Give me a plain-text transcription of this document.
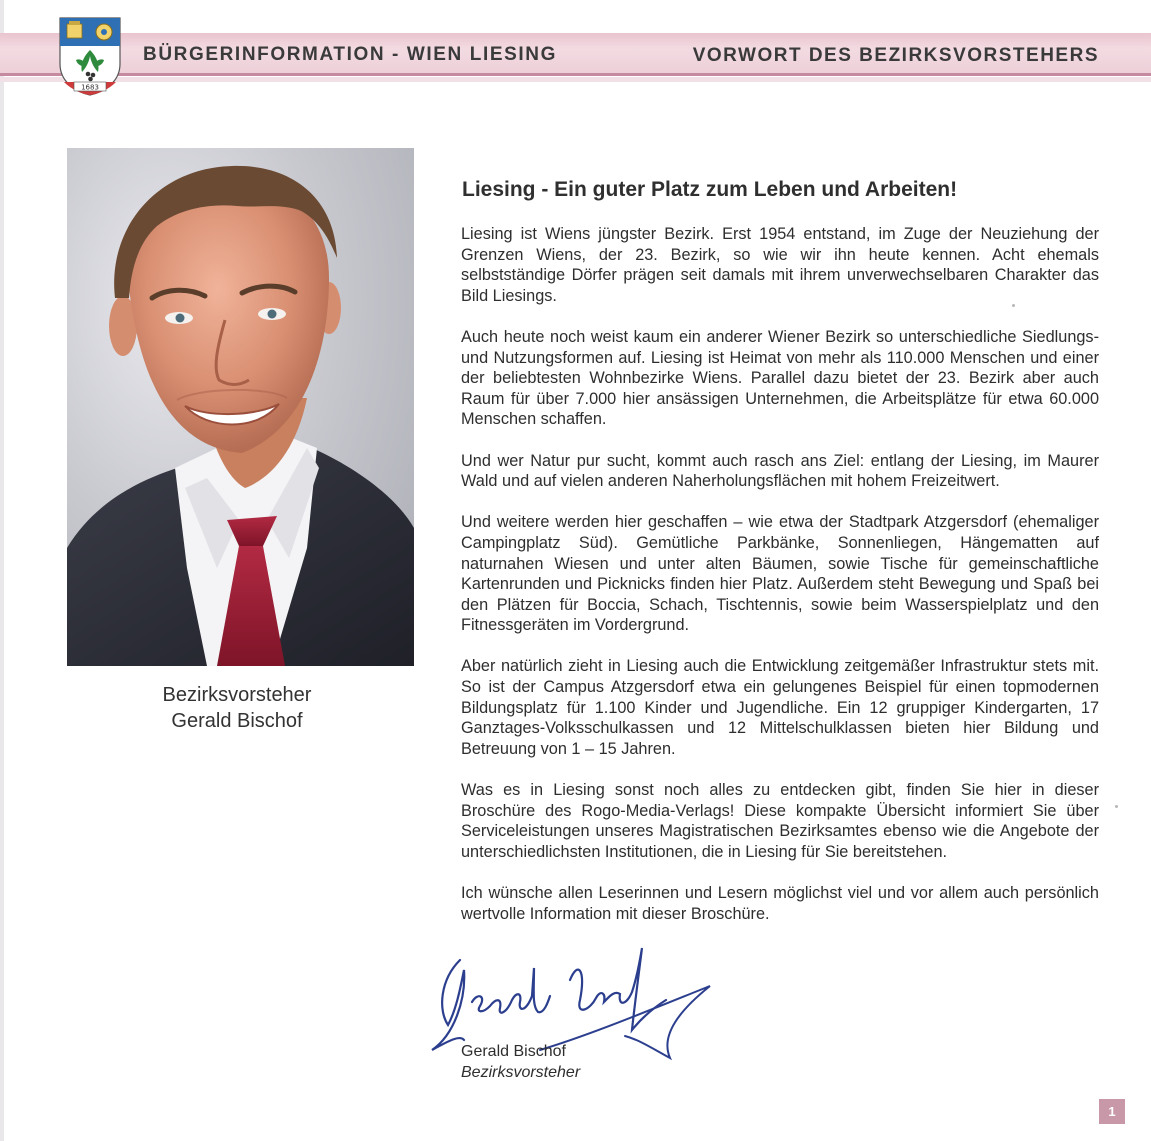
1683
BÜRGERINFORMATION - WIEN LIESING	VORWORT DES BEZIRKSVORSTEHERS
Bezirksvorsteher
Gerald Bischof
Liesing - Ein guter Platz zum Leben und Arbeiten!

Liesing ist Wiens jüngster Bezirk. Erst 1954 entstand, im Zuge der Neuziehung der Grenzen Wiens, der 23. Bezirk, so wie wir ihn heute kennen. Acht ehemals selbstständige Dörfer prägen seit damals mit ihrem unverwechselbaren Charakter das Bild Liesings.

Auch heute noch weist kaum ein anderer Wiener Bezirk so unterschiedliche Siedlungs- und Nutzungsformen auf. Liesing ist Heimat von mehr als 110.000 Menschen und einer der beliebtesten Wohnbezirke Wiens. Parallel dazu bietet der 23. Bezirk aber auch Raum für über 7.000 hier ansässigen Unternehmen, die Arbeitsplätze für etwa 60.000 Menschen schaffen.

Und wer Natur pur sucht, kommt auch rasch ans Ziel: entlang der Liesing, im Maurer Wald und auf vielen anderen Naherholungsflächen mit hohem Freizeitwert.

Und weitere werden hier geschaffen – wie etwa der Stadtpark Atzgersdorf (ehemaliger Campingplatz Süd). Gemütliche Parkbänke, Sonnenliegen, Hängematten auf naturnahen Wiesen und unter alten Bäumen, sowie Tische für gemeinschaftliche Kartenrunden und Picknicks finden hier Platz. Außerdem steht Bewegung und Spaß bei den Plätzen für Boccia, Schach, Tischtennis, sowie beim Wasserspielplatz und den Fitnessgeräten im Vordergrund.

Aber natürlich zieht in Liesing auch die Entwicklung zeitgemäßer Infrastruktur stets mit. So ist der Campus Atzgersdorf etwa ein gelungenes Beispiel für einen topmodernen Bildungsplatz für 1.100 Kinder und Jugendliche. Ein 12 gruppiger Kindergarten, 17 Ganztages-Volksschulkassen und 12 Mittelschulklassen bieten hier Bildung und Betreuung von 1 – 15 Jahren.

Was es in Liesing sonst noch alles zu entdecken gibt, finden Sie hier in dieser Broschüre des Rogo-Media-Verlags! Diese kompakte Übersicht informiert Sie über Serviceleistungen unseres Magistratischen Bezirksamtes ebenso wie die Angebote der unterschiedlichsten Institutionen, die in Liesing für Sie bereitstehen.

Ich wünsche allen Leserinnen und Lesern möglichst viel und vor allem auch persönlich wertvolle Information mit dieser Broschüre.

Gerald Bischof
Bezirksvorsteher
1
